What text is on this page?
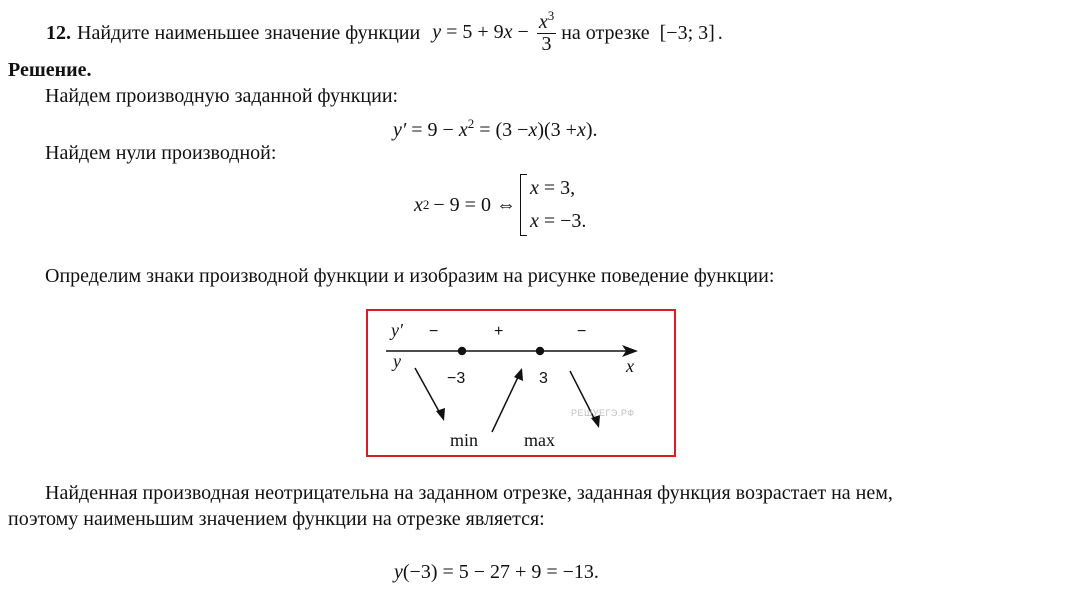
12. Найдите наименьшее значение функции $y = 5 + 9x - \frac{x^3}{3}$ на отрезке [−3; 3] .
Решение.
Найдем производную заданной функции:
$y' = 9 - x^2 = (3 -x)(3 +x)$.
Найдем нули производной:
x 2 − 9 = 0 ⇔
x = 3,
x = −3.
Определим знаки производной функции и изобразим на рисунке поведение функции:
y′
y	x
−	+	−
−3	3
min	max
РЕШУЕГЭ.РФ
Найденная производная неотрицательна на заданном отрезке, заданная функция возрастает на нем,
поэтому наименьшим значением функции на отрезке является:
y(−3) = 5 − 27 + 9 = −13.
